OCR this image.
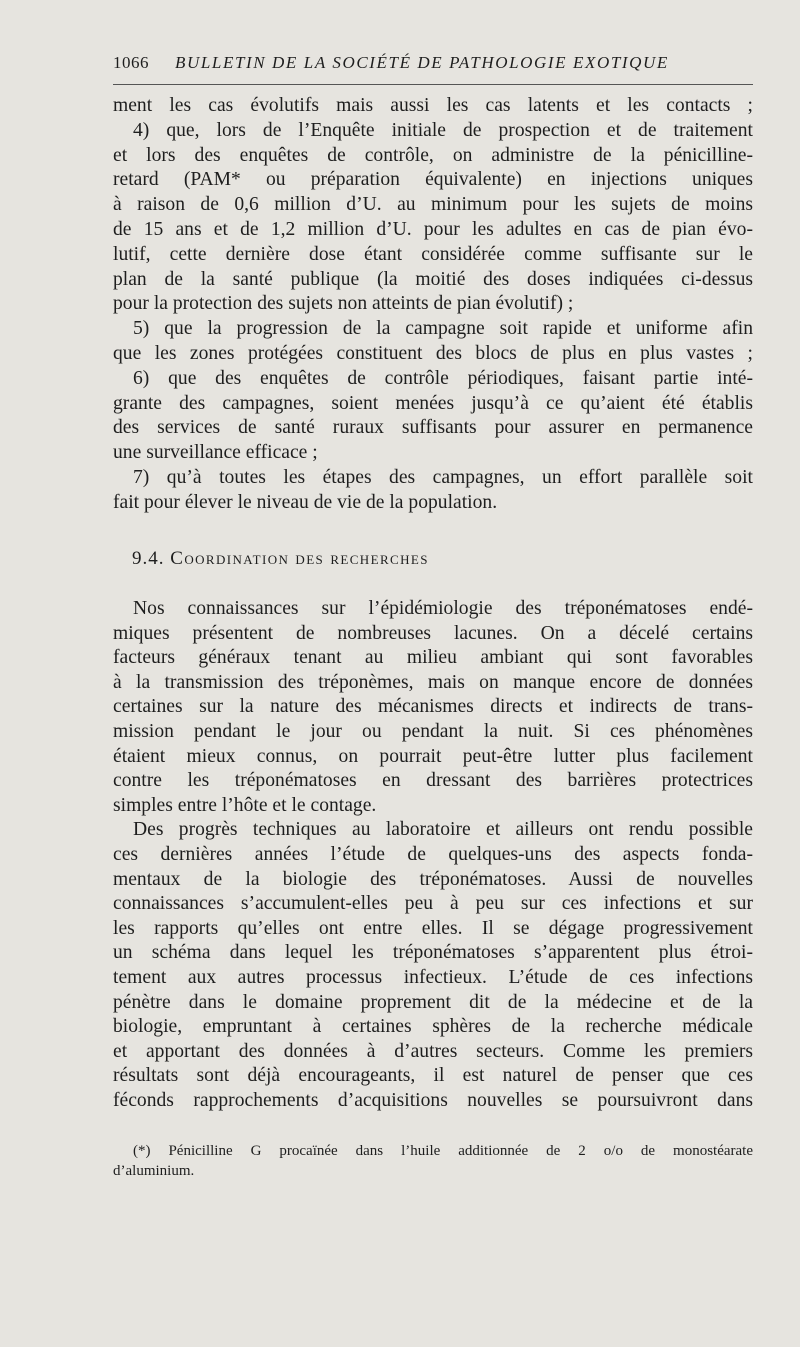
1066 BULLETIN DE LA SOCIÉTÉ DE PATHOLOGIE EXOTIQUE
ment les cas évolutifs mais aussi les cas latents et les contacts ;
4) que, lors de l’Enquête initiale de prospection et de traitement
et lors des enquêtes de contrôle, on administre de la pénicilline-
retard (PAM* ou préparation équivalente) en injections uniques
à raison de 0,6 million d’U. au minimum pour les sujets de moins
de 15 ans et de 1,2 million d’U. pour les adultes en cas de pian évo-
lutif, cette dernière dose étant considérée comme suffisante sur le
plan de la santé publique (la moitié des doses indiquées ci-dessus
pour la protection des sujets non atteints de pian évolutif) ;
5) que la progression de la campagne soit rapide et uniforme afin
que les zones protégées constituent des blocs de plus en plus vastes ;
6) que des enquêtes de contrôle périodiques, faisant partie inté-
grante des campagnes, soient menées jusqu’à ce qu’aient été établis
des services de santé ruraux suffisants pour assurer en permanence
une surveillance efficace ;
7) qu’à toutes les étapes des campagnes, un effort parallèle soit
fait pour élever le niveau de vie de la population.
9.4. Coordination des recherches
Nos connaissances sur l’épidémiologie des tréponématoses endé-
miques présentent de nombreuses lacunes. On a décelé certains
facteurs généraux tenant au milieu ambiant qui sont favorables
à la transmission des tréponèmes, mais on manque encore de données
certaines sur la nature des mécanismes directs et indirects de trans-
mission pendant le jour ou pendant la nuit. Si ces phénomènes
étaient mieux connus, on pourrait peut-être lutter plus facilement
contre les tréponématoses en dressant des barrières protectrices
simples entre l’hôte et le contage.
Des progrès techniques au laboratoire et ailleurs ont rendu possible
ces dernières années l’étude de quelques-uns des aspects fonda-
mentaux de la biologie des tréponématoses. Aussi de nouvelles
connaissances s’accumulent-elles peu à peu sur ces infections et sur
les rapports qu’elles ont entre elles. Il se dégage progressivement
un schéma dans lequel les tréponématoses s’apparentent plus étroi-
tement aux autres processus infectieux. L’étude de ces infections
pénètre dans le domaine proprement dit de la médecine et de la
biologie, empruntant à certaines sphères de la recherche médicale
et apportant des données à d’autres secteurs. Comme les premiers
résultats sont déjà encourageants, il est naturel de penser que ces
féconds rapprochements d’acquisitions nouvelles se poursuivront dans
(*) Pénicilline G procaïnée dans l’huile additionnée de 2 o/o de monostéarate
d’aluminium.
